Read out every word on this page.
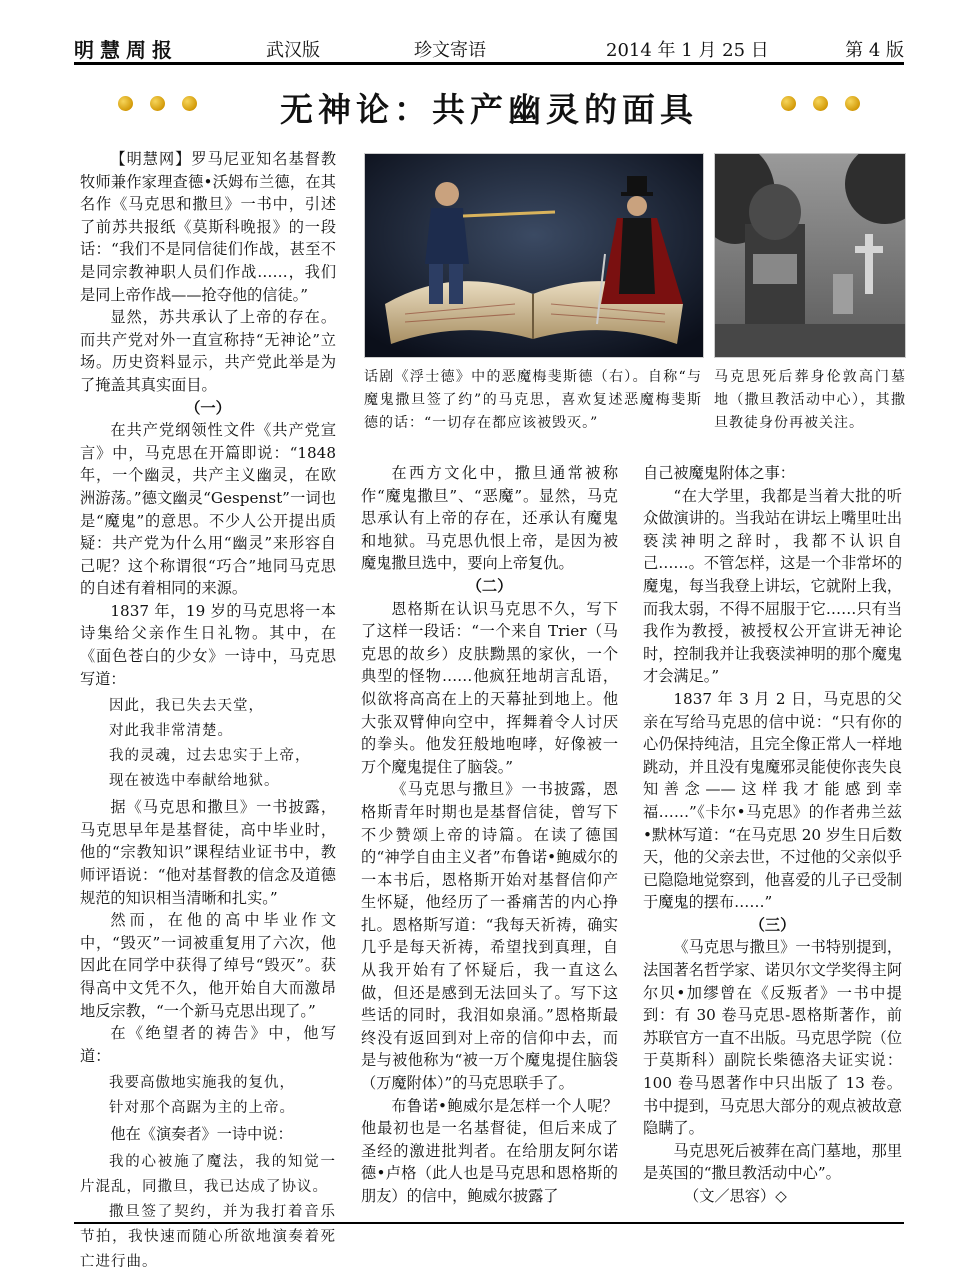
明慧周报	武汉版	珍文寄语	2014 年 1 月 25 日	第 4 版
无神论：共产幽灵的面具

【明慧网】罗马尼亚知名基督教牧师兼作家理查德•沃姆布兰德，在其名作《马克思和撒旦》一书中，引述了前苏共报纸《莫斯科晚报》的一段话：“我们不是同信徒们作战，甚至不是同宗教神职人员们作战……，我们是同上帝作战——抢夺他的信徒。”

显然，苏共承认了上帝的存在。而共产党对外一直宣称持“无神论”立场。历史资料显示，共产党此举是为了掩盖其真实面目。

（一）

在共产党纲领性文件《共产党宣言》中，马克思在开篇即说：“1848年，一个幽灵，共产主义幽灵，在欧洲游荡。”德文幽灵“Gespenst”一词也是“魔鬼”的意思。不少人公开提出质疑：共产党为什么用“幽灵”来形容自己呢？这个称谓很“巧合”地同马克思的自述有着相同的来源。

1837 年，19 岁的马克思将一本诗集给父亲作生日礼物。其中，在《面色苍白的少女》一诗中，马克思写道：

因此，我已失去天堂，

对此我非常清楚。

我的灵魂，过去忠实于上帝，

现在被选中奉献给地狱。

据《马克思和撒旦》一书披露，马克思早年是基督徒，高中毕业时，他的“宗教知识”课程结业证书中，教师评语说：“他对基督教的信念及道德规范的知识相当清晰和扎实。”

然而，在他的高中毕业作文中，“毁灭”一词被重复用了六次，他因此在同学中获得了绰号“毁灭”。获得高中文凭不久，他开始自大而激昂地反宗教，“一个新马克思出现了。”

在《绝望者的祷告》中，他写道：

我要高傲地实施我的复仇，

针对那个高踞为主的上帝。

他在《演奏者》一诗中说：

我的心被施了魔法，我的知觉一片混乱，同撒旦，我已达成了协议。

撒旦签了契约，并为我打着音乐节拍，我快速而随心所欲地演奏着死亡进行曲。

话剧《浮士德》中的恶魔梅斐斯德（右）。自称“与魔鬼撒旦签了约”的马克思，喜欢复述恶魔梅斐斯德的话：“一切存在都应该被毁灭。”
马克思死后葬身伦敦高门墓地（撒旦教活动中心），其撒旦教徒身份再被关注。

在西方文化中，撒旦通常被称作“魔鬼撒旦”、“恶魔”。显然，马克思承认有上帝的存在，还承认有魔鬼和地狱。马克思仇恨上帝，是因为被魔鬼撒旦选中，要向上帝复仇。

（二）

恩格斯在认识马克思不久，写下了这样一段话：“一个来自 Trier（马克思的故乡）皮肤黝黑的家伙，一个典型的怪物……他疯狂地胡言乱语，似欲将高高在上的天幕扯到地上。他大张双臂伸向空中，挥舞着令人讨厌的拳头。他发狂般地咆哮，好像被一万个魔鬼提住了脑袋。”

《马克思与撒旦》一书披露，恩格斯青年时期也是基督信徒，曾写下不少赞颂上帝的诗篇。在读了德国的“神学自由主义者”布鲁诺•鲍威尔的一本书后，恩格斯开始对基督信仰产生怀疑，他经历了一番痛苦的内心挣扎。恩格斯写道：“我每天祈祷，确实几乎是每天祈祷，希望找到真理，自从我开始有了怀疑后，我一直这么做，但还是感到无法回头了。写下这些话的同时，我泪如泉涌。”恩格斯最终没有返回到对上帝的信仰中去，而是与被他称为“被一万个魔鬼提住脑袋（万魔附体）”的马克思联手了。

布鲁诺•鲍威尔是怎样一个人呢？他最初也是一名基督徒，但后来成了圣经的激进批判者。在给朋友阿尔诺德•卢格（此人也是马克思和恩格斯的朋友）的信中，鲍威尔披露了

自己被魔鬼附体之事：

“在大学里，我都是当着大批的听众做演讲的。当我站在讲坛上嘴里吐出亵渎神明之辞时，我都不认识自己……。不管怎样，这是一个非常坏的魔鬼，每当我登上讲坛，它就附上我，而我太弱，不得不屈服于它……只有当我作为教授，被授权公开宣讲无神论时，控制我并让我亵渎神明的那个魔鬼才会满足。”

1837 年 3 月 2 日，马克思的父亲在写给马克思的信中说：“只有你的心仍保持纯洁，且完全像正常人一样地跳动，并且没有鬼魔邪灵能使你丧失良知善念——这样我才能感到幸福……”《卡尔•马克思》的作者弗兰兹•默林写道：“在马克思 20 岁生日后数天，他的父亲去世，不过他的父亲似乎已隐隐地觉察到，他喜爱的儿子已受制于魔鬼的摆布……”

（三）

《马克思与撒旦》一书特别提到，法国著名哲学家、诺贝尔文学奖得主阿尔贝•加缪曾在《反叛者》一书中提到：有 30 卷马克思-恩格斯著作，前苏联官方一直不出版。马克思学院（位于莫斯科）副院长柴德洛夫证实说：100 卷马恩著作中只出版了 13 卷。书中提到，马克思大部分的观点被故意隐瞒了。

马克思死后被葬在高门墓地，那里是英国的“撒旦教活动中心”。

（文／思容）◇
